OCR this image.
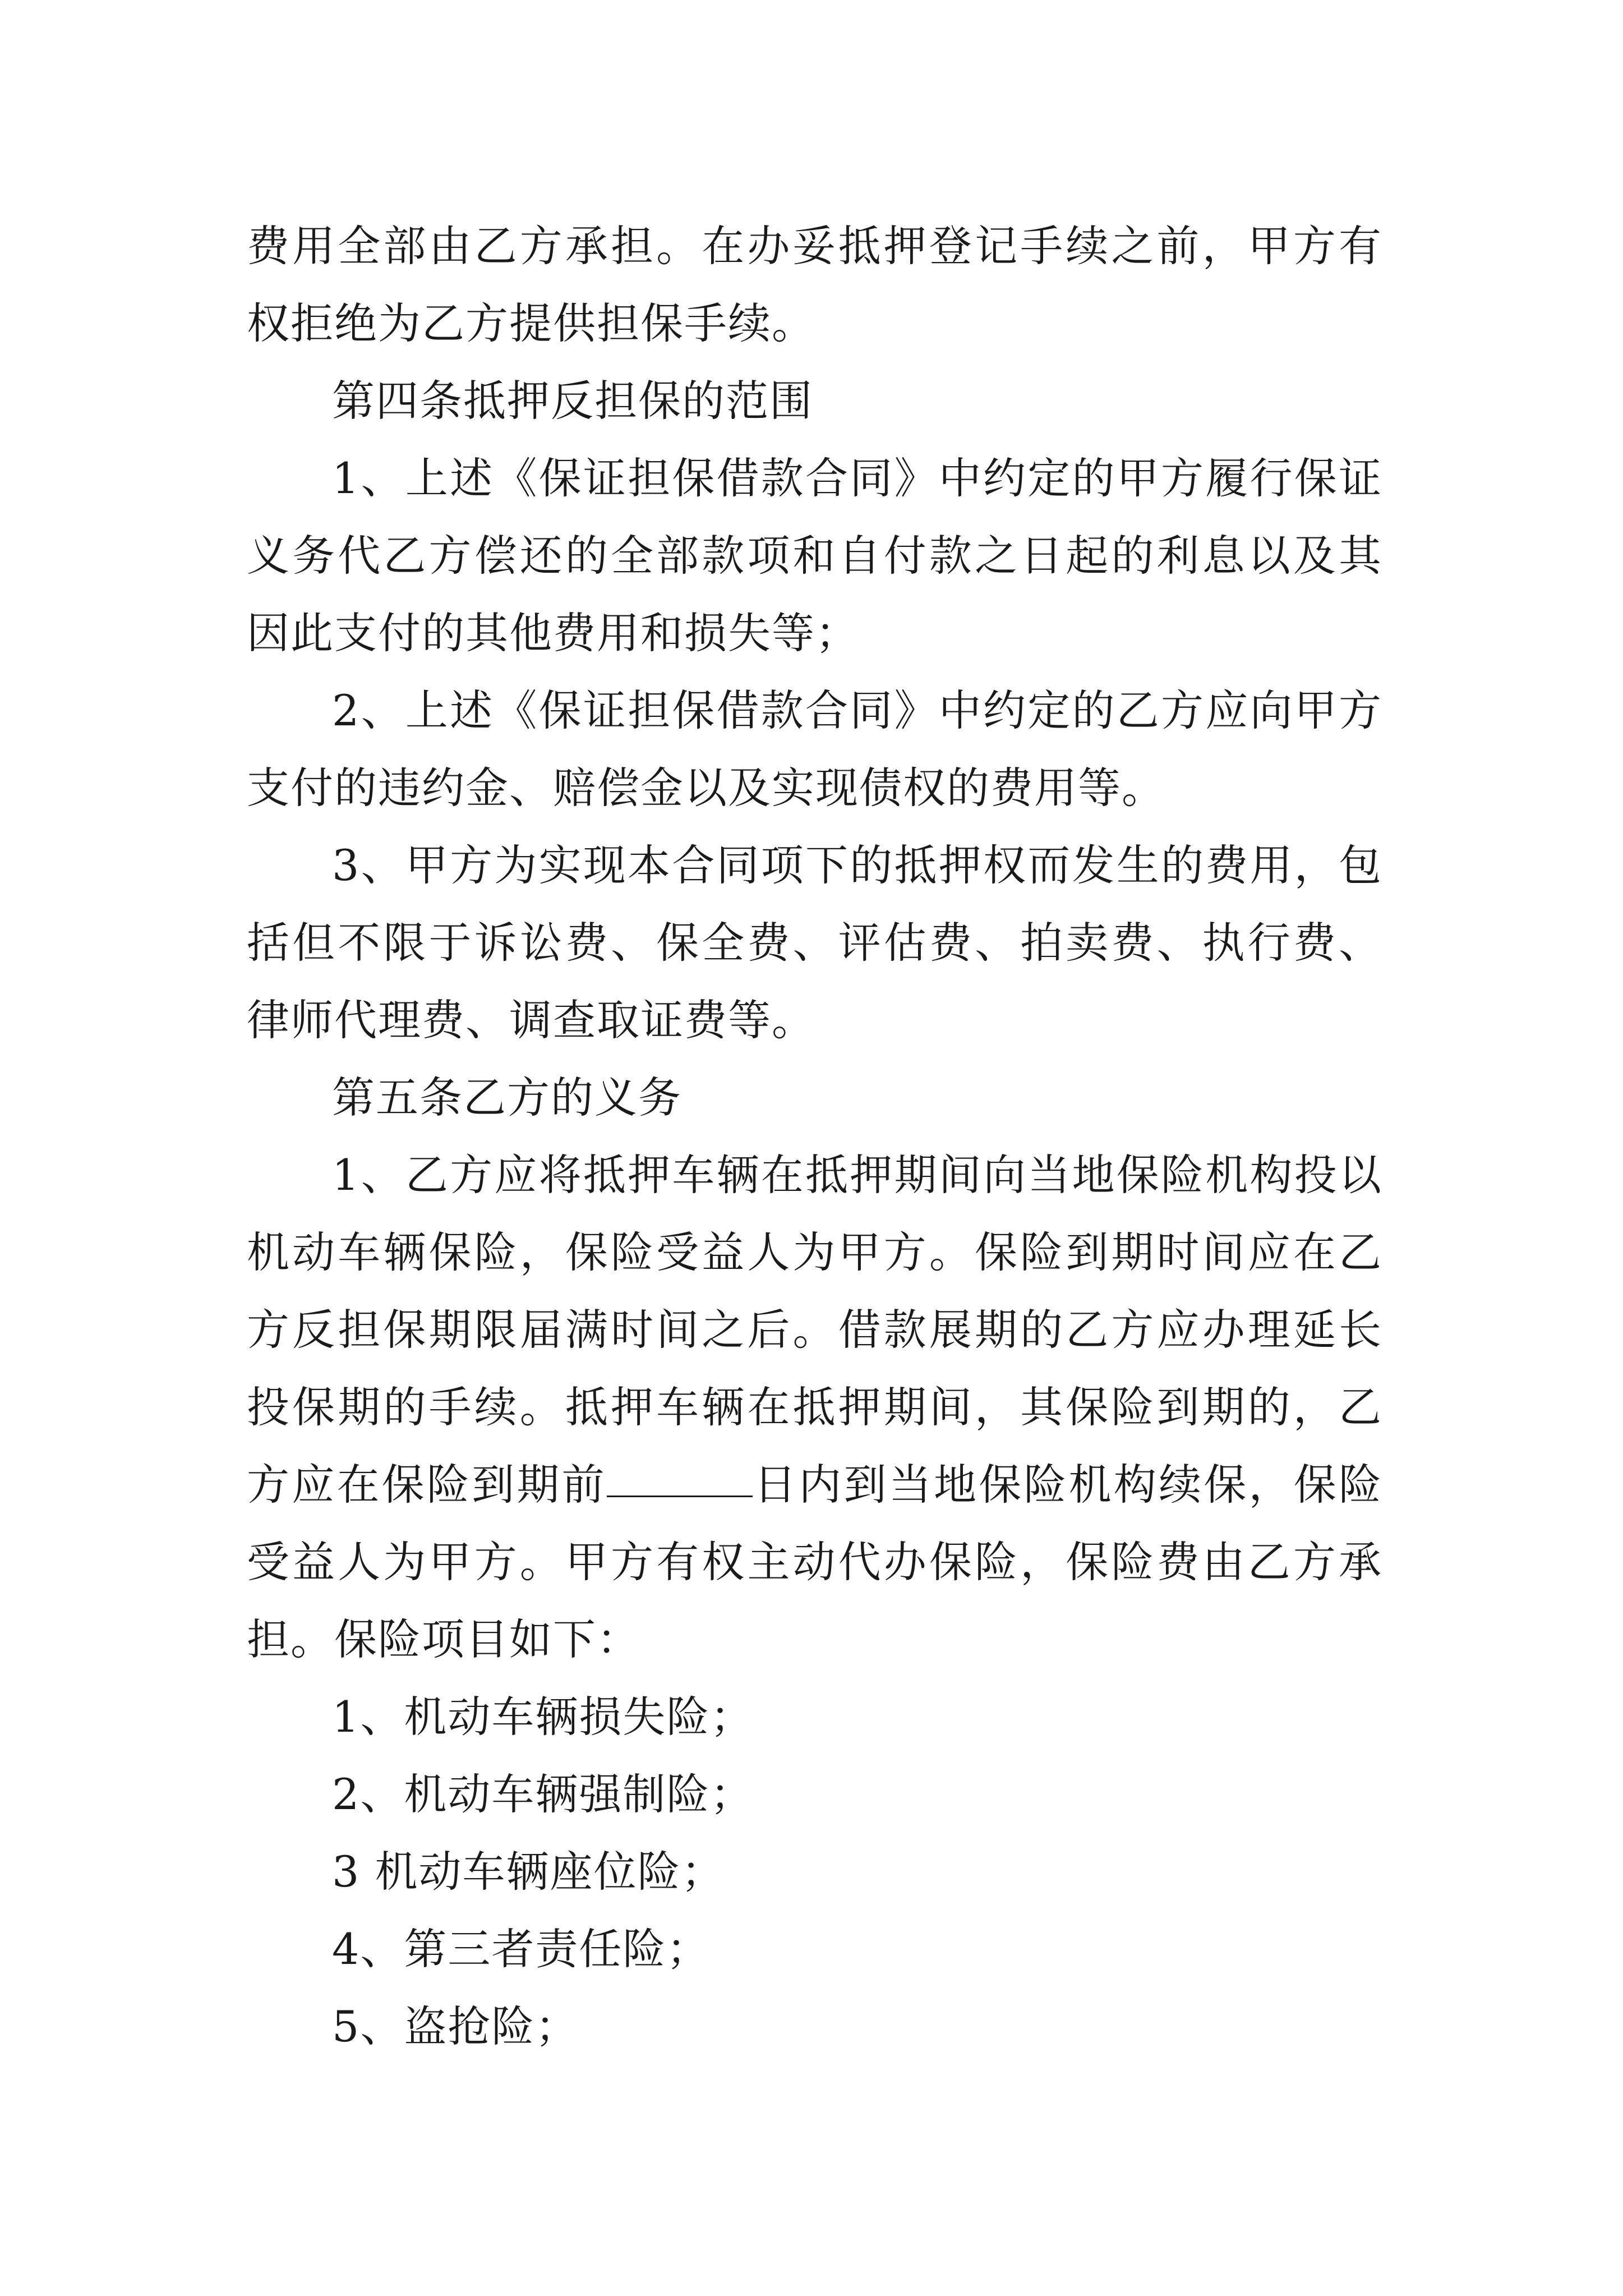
费用全部由乙方承担。在办妥抵押登记手续之前，甲方有权拒绝为乙方提供担保手续。

第四条抵押反担保的范围

1、上述《保证担保借款合同》中约定的甲方履行保证义务代乙方偿还的全部款项和自付款之日起的利息以及其因此支付的其他费用和损失等；

2、上述《保证担保借款合同》中约定的乙方应向甲方支付的违约金、赔偿金以及实现债权的费用等。

3、甲方为实现本合同项下的抵押权而发生的费用，包括但不限于诉讼费、保全费、评估费、拍卖费、执行费、律师代理费、调查取证费等。

第五条乙方的义务

1、乙方应将抵押车辆在抵押期间向当地保险机构投以机动车辆保险，保险受益人为甲方。保险到期时间应在乙方反担保期限届满时间之后。借款展期的乙方应办理延长投保期的手续。抵押车辆在抵押期间，其保险到期的，乙方应在保险到期前	日内到当地保险机构续保，保险受益人为甲方。甲方有权主动代办保险，保险费由乙方承担。保险项目如下：

1、机动车辆损失险；

2、机动车辆强制险；

3 机动车辆座位险；

4、第三者责任险；

5、盗抢险；
